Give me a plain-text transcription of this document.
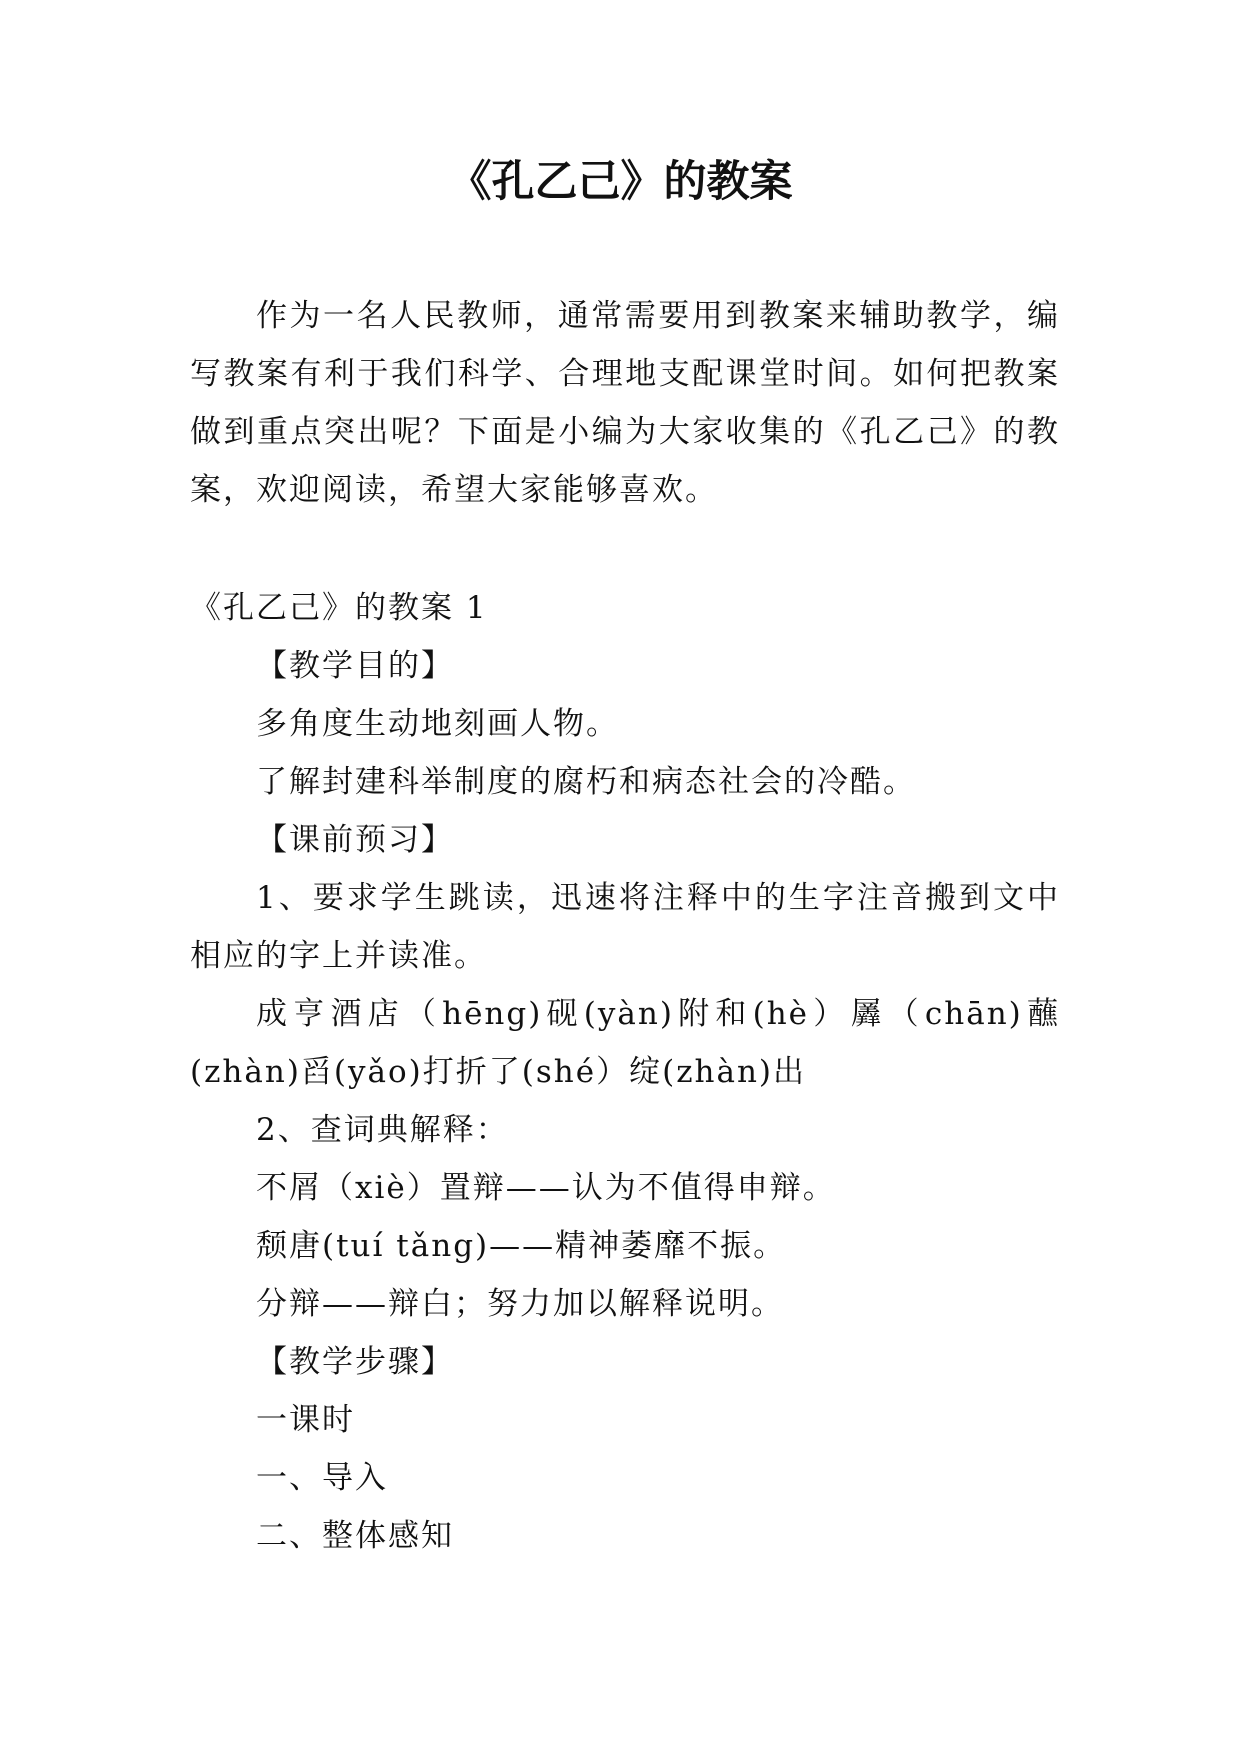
《孔乙己》的教案

作为一名人民教师，通常需要用到教案来辅助教学，编写教案有利于我们科学、合理地支配课堂时间。如何把教案做到重点突出呢？下面是小编为大家收集的《孔乙己》的教案，欢迎阅读，希望大家能够喜欢。

《孔乙己》的教案 1

【教学目的】

多角度生动地刻画人物。

了解封建科举制度的腐朽和病态社会的冷酷。

【课前预习】

1、要求学生跳读，迅速将注释中的生字注音搬到文中相应的字上并读准。

成亨酒店（hēng)砚(yàn)附和(hè）羼（chān)蘸(zhàn)舀(yǎo)打折了(shé）绽(zhàn)出

2、查词典解释：

不屑（xiè）置辩——认为不值得申辩。

颓唐(tuí tǎng)——精神萎靡不振。

分辩——辩白；努力加以解释说明。

【教学步骤】

一课时

一、导入

二、整体感知
